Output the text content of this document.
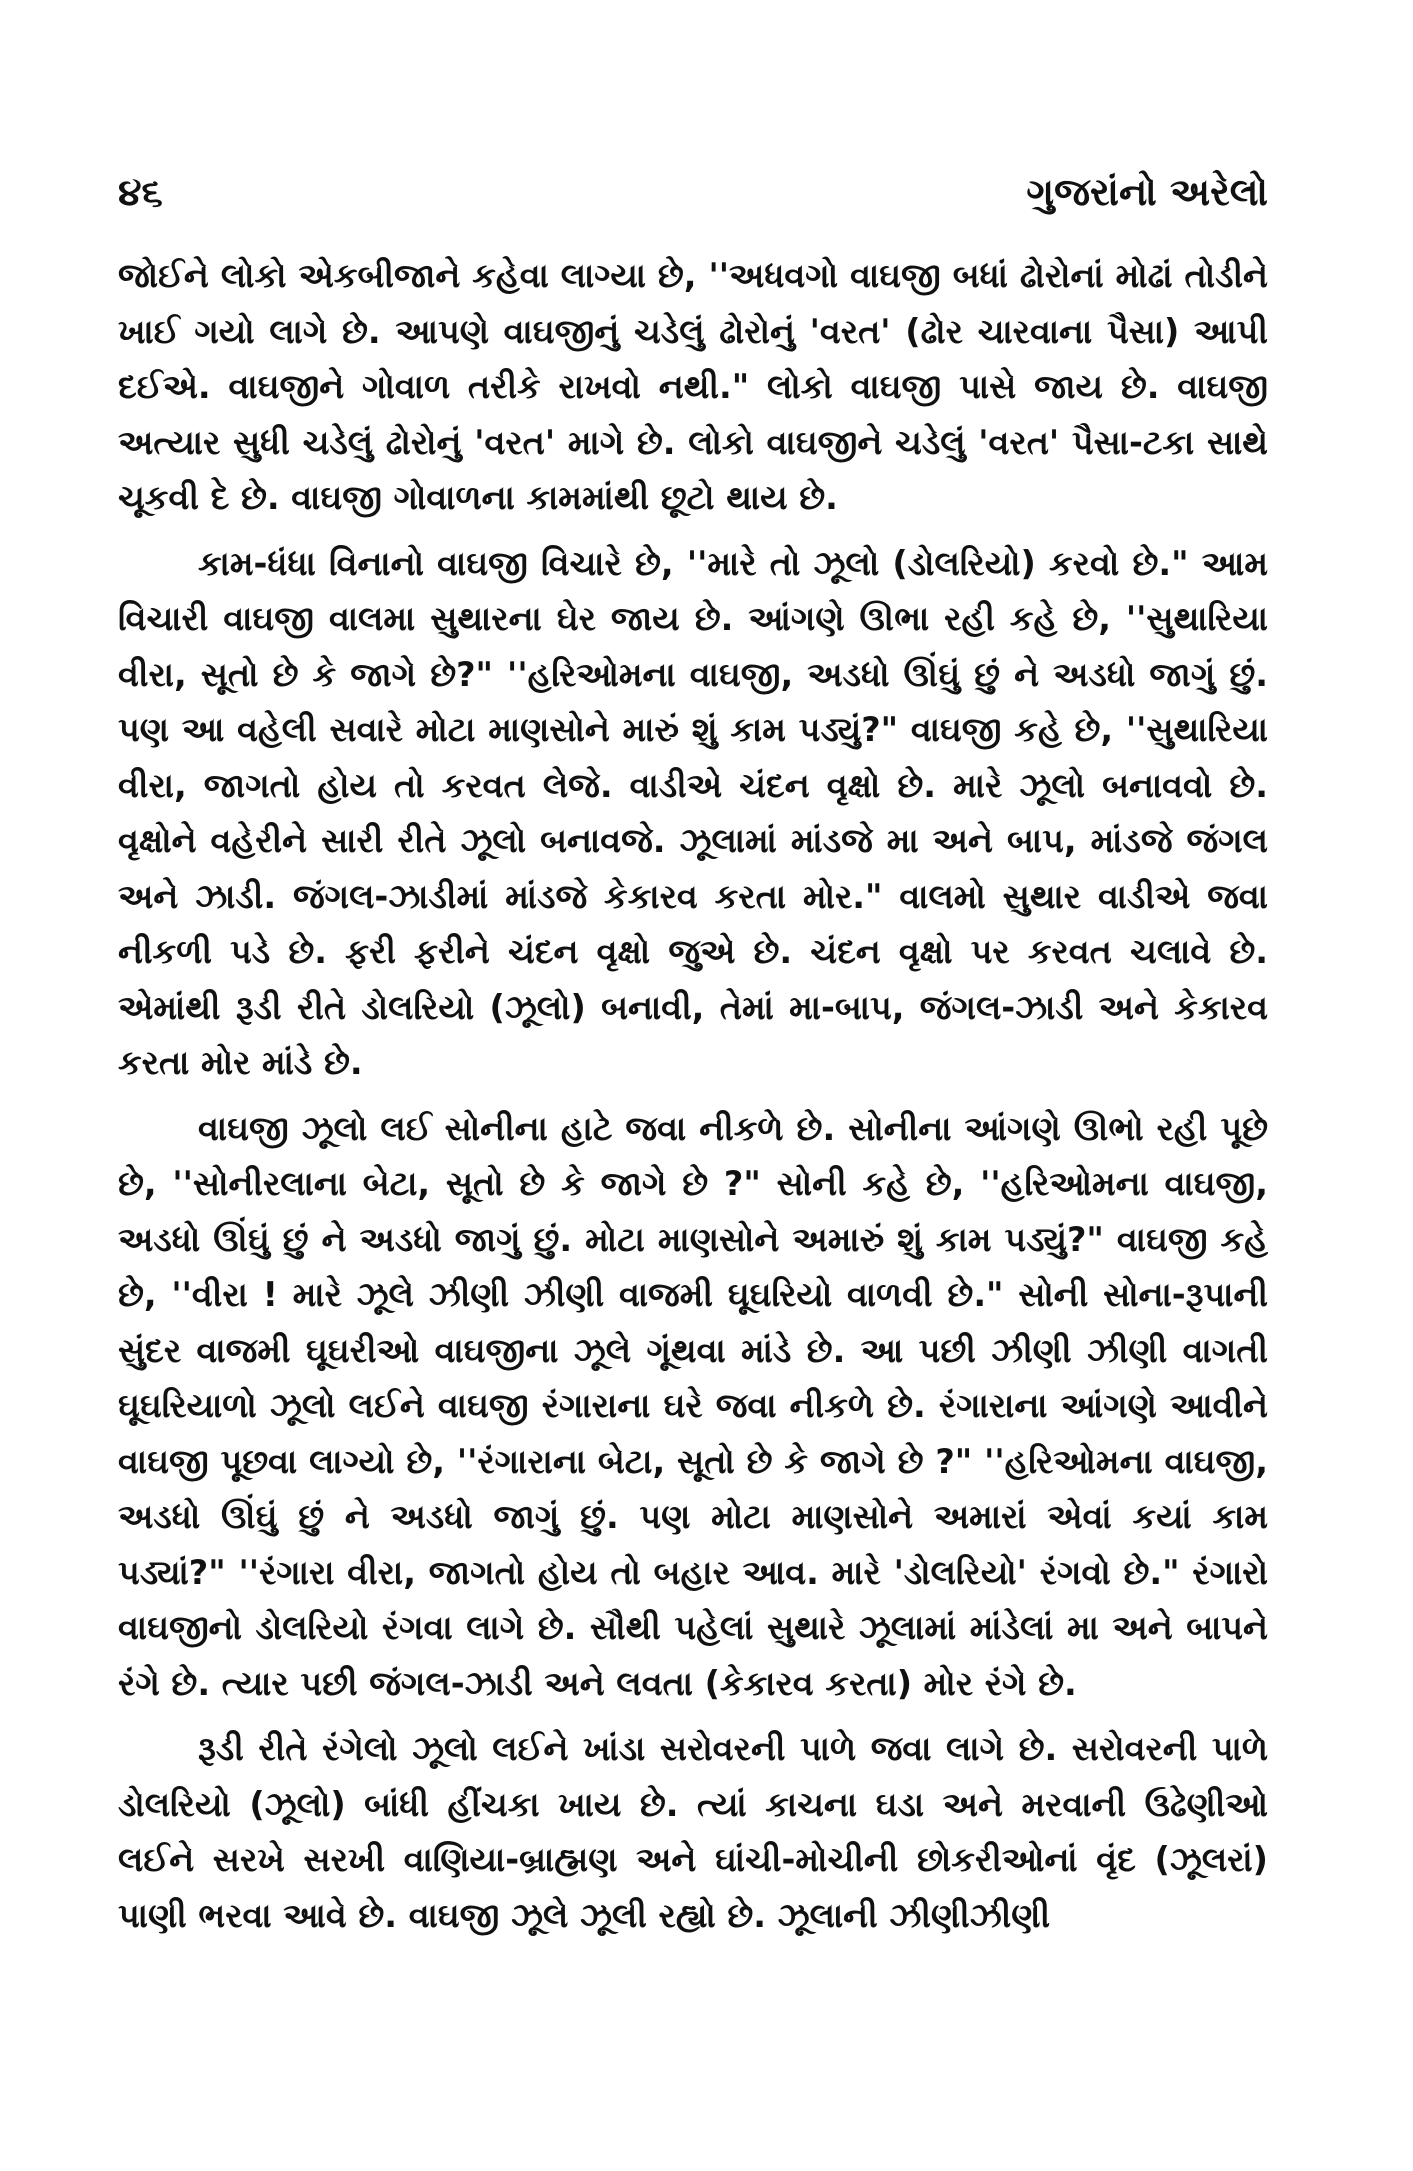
૪૬	ગુજરાંનો અરેલો

જોઈને લોકો એકબીજાને કહેવા લાગ્યા છે, ''અધવગો વાઘજી બધાં ઢોરોનાં મોઢાં તોડીને ખાઈ ગયો લાગે છે. આપણે વાઘજીનું ચડેલું ઢોરોનું 'વરત' (ઢોર ચારવાના પૈસા) આપી દઈએ. વાઘજીને ગોવાળ તરીકે રાખવો નથી." લોકો વાઘજી પાસે જાય છે. વાઘજી અત્યાર સુધી ચડેલું ઢોરોનું 'વરત' માગે છે. લોકો વાઘજીને ચડેલું 'વરત' પૈસા-ટકા સાથે ચૂકવી દે છે. વાઘજી ગોવાળના કામમાંથી છૂટો થાય છે.

કામ-ધંધા વિનાનો વાઘજી વિચારે છે, ''મારે તો ઝૂલો (ડોલરિયો) કરવો છે." આમ વિચારી વાઘજી વાલમા સુથારના ઘેર જાય છે. આંગણે ઊભા રહી કહે છે, ''સુથારિયા વીરા, સૂતો છે કે જાગે છે?" ''હરિઓમના વાઘજી, અડધો ઊંઘું છું ને અડધો જાગું છું. પણ આ વહેલી સવારે મોટા માણસોને મારું શું કામ પડ્યું?" વાઘજી કહે છે, ''સુથારિયા વીરા, જાગતો હોય તો કરવત લેજે. વાડીએ ચંદન વૃક્ષો છે. મારે ઝૂલો બનાવવો છે. વૃક્ષોને વહેરીને સારી રીતે ઝૂલો બનાવજે. ઝૂલામાં માંડજે મા અને બાપ, માંડજે જંગલ અને ઝાડી. જંગલ-ઝાડીમાં માંડજે કેકારવ કરતા મોર." વાલમો સુથાર વાડીએ જવા નીકળી પડે છે. ફરી ફરીને ચંદન વૃક્ષો જુએ છે. ચંદન વૃક્ષો પર કરવત ચલાવે છે. એમાંથી રૂડી રીતે ડોલરિયો (ઝૂલો) બનાવી, તેમાં મા-બાપ, જંગલ-ઝાડી અને કેકારવ કરતા મોર માંડે છે.

વાઘજી ઝૂલો લઈ સોનીના હાટે જવા નીકળે છે. સોનીના આંગણે ઊભો રહી પૂછે છે, ''સોનીરલાના બેટા, સૂતો છે કે જાગે છે ?" સોની કહે છે, ''હરિઓમના વાઘજી, અડધો ઊંઘું છું ને અડધો જાગું છું. મોટા માણસોને અમારું શું કામ પડ્યું?" વાઘજી કહે છે, ''વીરા ! મારે ઝૂલે ઝીણી ઝીણી વાજમી ઘૂઘરિયો વાળવી છે." સોની સોના-રૂપાની સુંદર વાજમી ઘૂઘરીઓ વાઘજીના ઝૂલે ગૂંથવા માંડે છે. આ પછી ઝીણી ઝીણી વાગતી ઘૂઘરિયાળો ઝૂલો લઈને વાઘજી રંગારાના ઘરે જવા નીકળે છે. રંગારાના આંગણે આવીને વાઘજી પૂછવા લાગ્યો છે, ''રંગારાના બેટા, સૂતો છે કે જાગે છે ?" ''હરિઓમના વાઘજી, અડધો ઊંઘું છું ને અડધો જાગું છું. પણ મોટા માણસોને અમારાં એવાં કયાં કામ પડ્યાં?" ''રંગારા વીરા, જાગતો હોય તો બહાર આવ. મારે 'ડોલરિયો' રંગવો છે." રંગારો વાઘજીનો ડોલરિયો રંગવા લાગે છે. સૌથી પહેલાં સુથારે ઝૂલામાં માંડેલાં મા અને બાપને રંગે છે. ત્યાર પછી જંગલ-ઝાડી અને લવતા (કેકારવ કરતા) મોર રંગે છે.

રૂડી રીતે રંગેલો ઝૂલો લઈને ખાંડા સરોવરની પાળે જવા લાગે છે. સરોવરની પાળે ડોલરિયો (ઝૂલો) બાંધી હીંચકા ખાય છે. ત્યાં કાચના ઘડા અને મરવાની ઉઢેણીઓ લઈને સરખે સરખી વાણિયા-બ્રાહ્મણ અને ઘાંચી-મોચીની છોકરીઓનાં વૃંદ (ઝૂલરાં) પાણી ભરવા આવે છે. વાઘજી ઝૂલે ઝૂલી રહ્યો છે. ઝૂલાની ઝીણીઝીણી
